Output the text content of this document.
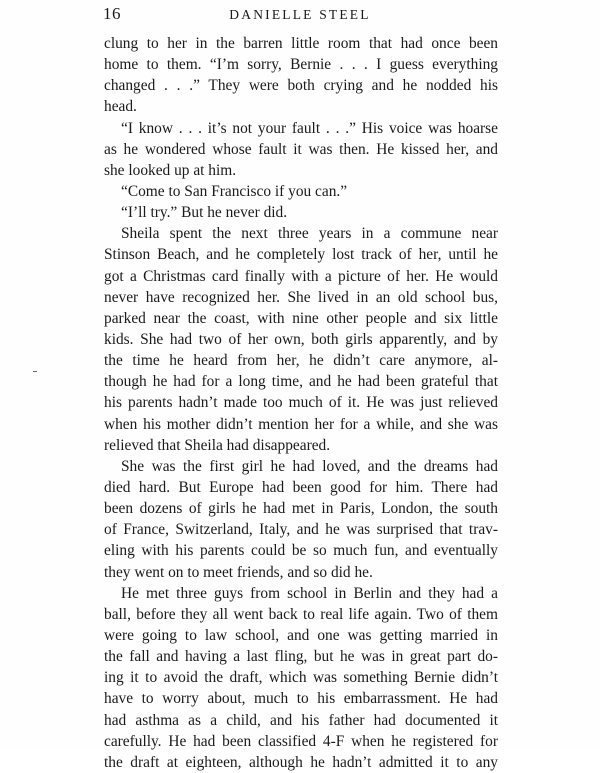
16	DANIELLE STEEL
clung to her in the barren little room that had once been
home to them. “I’m sorry, Bernie . . . I guess everything
changed . . .” They were both crying and he nodded his
head.
“I know . . . it’s not your fault . . .” His voice was hoarse
as he wondered whose fault it was then. He kissed her, and
she looked up at him.
“Come to San Francisco if you can.”
“I’ll try.” But he never did.
Sheila spent the next three years in a commune near
Stinson Beach, and he completely lost track of her, until he
got a Christmas card finally with a picture of her. He would
never have recognized her. She lived in an old school bus,
parked near the coast, with nine other people and six little
kids. She had two of her own, both girls apparently, and by
the time he heard from her, he didn’t care anymore, al-
though he had for a long time, and he had been grateful that
his parents hadn’t made too much of it. He was just relieved
when his mother didn’t mention her for a while, and she was
relieved that Sheila had disappeared.
She was the first girl he had loved, and the dreams had
died hard. But Europe had been good for him. There had
been dozens of girls he had met in Paris, London, the south
of France, Switzerland, Italy, and he was surprised that trav-
eling with his parents could be so much fun, and eventually
they went on to meet friends, and so did he.
He met three guys from school in Berlin and they had a
ball, before they all went back to real life again. Two of them
were going to law school, and one was getting married in
the fall and having a last fling, but he was in great part do-
ing it to avoid the draft, which was something Bernie didn’t
have to worry about, much to his embarrassment. He had
had asthma as a child, and his father had documented it
carefully. He had been classified 4-F when he registered for
the draft at eighteen, although he hadn’t admitted it to any
